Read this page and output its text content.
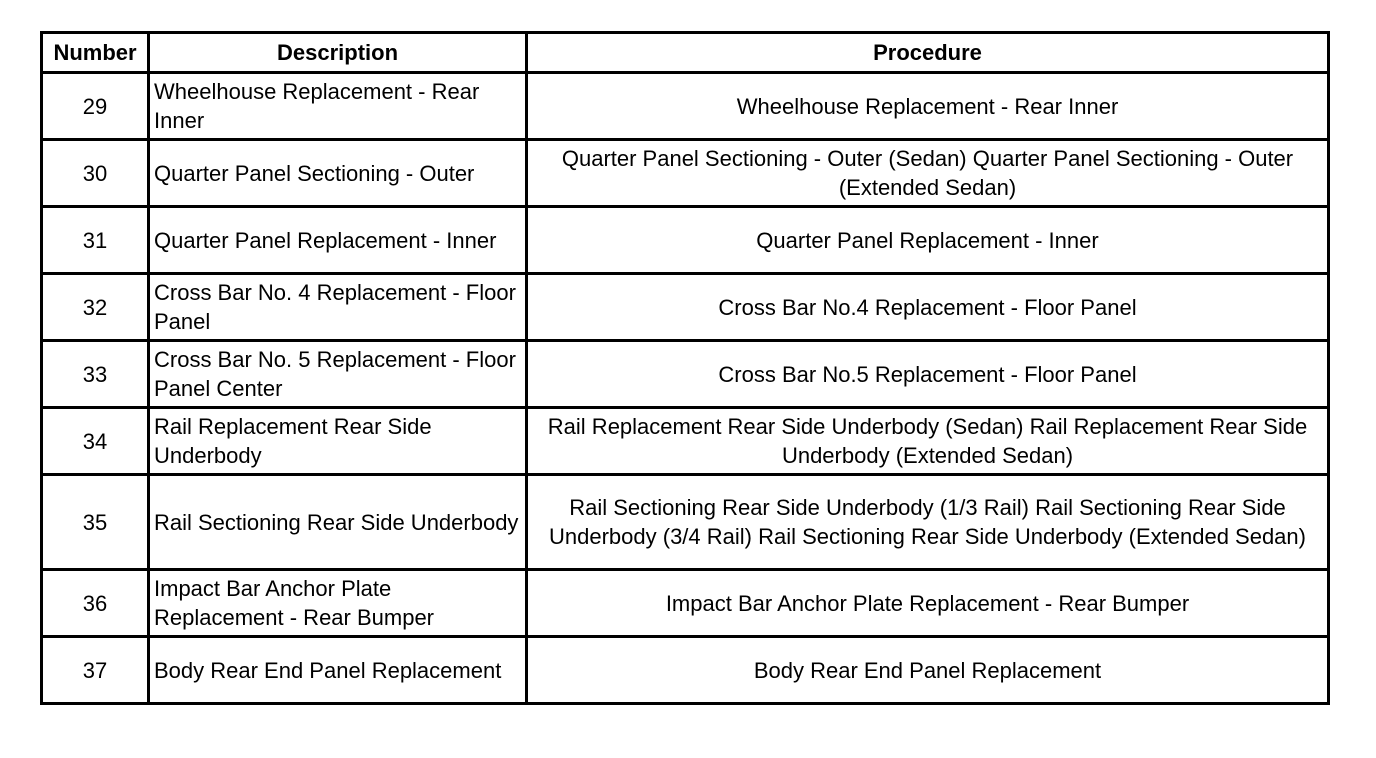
Number	Description	Procedure
29	Wheelhouse Replacement - Rear Inner	Wheelhouse Replacement - Rear Inner
30	Quarter Panel Sectioning - Outer	Quarter Panel Sectioning - Outer (Sedan) Quarter Panel Sectioning - Outer (Extended Sedan)
31	Quarter Panel Replacement - Inner	Quarter Panel Replacement - Inner
32	Cross Bar No. 4 Replacement - Floor Panel	Cross Bar No.4 Replacement - Floor Panel
33	Cross Bar No. 5 Replacement - Floor Panel Center	Cross Bar No.5 Replacement - Floor Panel
34	Rail Replacement Rear Side Underbody	Rail Replacement Rear Side Underbody (Sedan) Rail Replacement Rear Side Underbody (Extended Sedan)
35	Rail Sectioning Rear Side Underbody	Rail Sectioning Rear Side Underbody (1/3 Rail) Rail Sectioning Rear Side Underbody (3/4 Rail) Rail Sectioning Rear Side Underbody (Extended Sedan)
36	Impact Bar Anchor Plate Replacement - Rear Bumper	Impact Bar Anchor Plate Replacement - Rear Bumper
37	Body Rear End Panel Replacement	Body Rear End Panel Replacement
